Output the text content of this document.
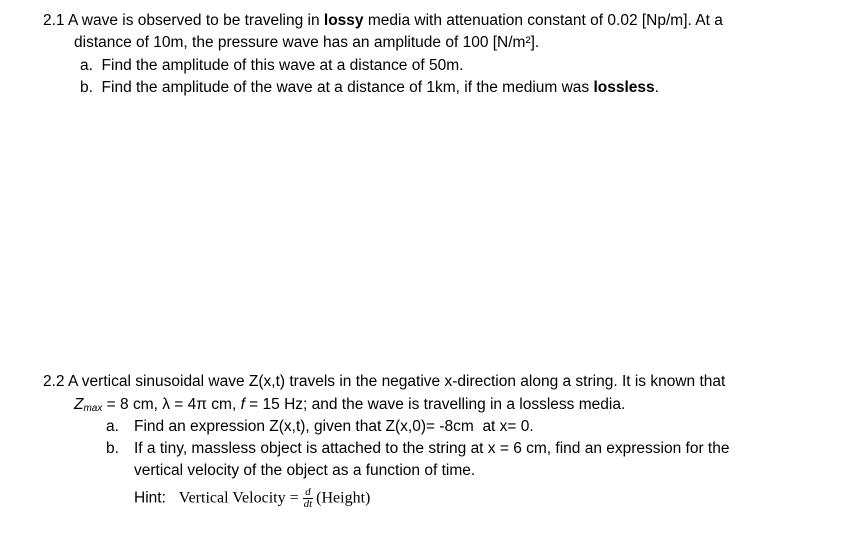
2.1 A wave is observed to be traveling in lossy media with attenuation constant of 0.02 [Np/m]. At a
distance of 10m, the pressure wave has an amplitude of 100 [N/m²].
a.  Find the amplitude of this wave at a distance of 50m.
b.  Find the amplitude of the wave at a distance of 1km, if the medium was lossless.
2.2 A vertical sinusoidal wave Z(x,t) travels in the negative x-direction along a string. It is known that
$Z_{max} = 8$ cm, λ = 4π cm, f = 15 Hz; and the wave is travelling in a lossless media.
a. Find an expression Z(x,t), given that Z(x,0)= -8cm  at x= 0.
b. If a tiny, massless object is attached to the string at x = 6 cm, find an expression for the
vertical velocity of the object as a function of time.
Hint: Vertical Velocity = $\frac{d}{dt}$ (Height)
